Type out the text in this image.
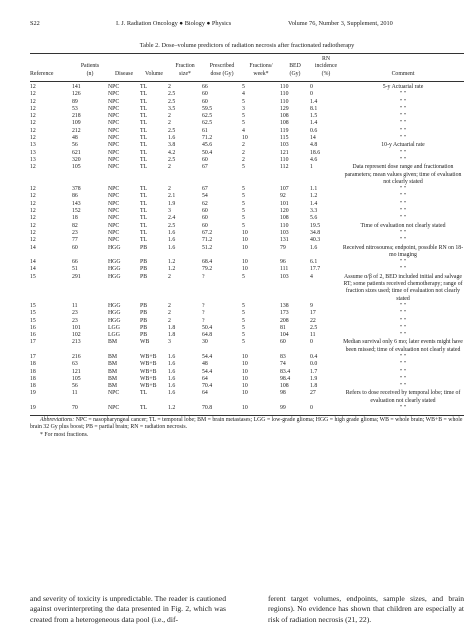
S22	I. J. Radiation Oncology ● Biology ● Physics	Volume 76, Number 3, Supplement, 2010
Table 2. Dose–volume predictors of radiation necrosis after fractionated radiotherapy
								RN	
	Patients			Fraction	Prescribed	Fractions/	BED	incidence	
Reference	(n)	Disease	Volume	size*	dose (Gy)	week*	(Gy)	(%)	Comment
12	141	NPC	TL	2	66	5	110	0	5-y Actuarial rate
12	126	NPC	TL	2.5	60	4	110	0	″ ″
12	89	NPC	TL	2.5	60	5	110	1.4	″ ″
12	53	NPC	TL	3.5	59.5	3	129	8.1	″ ″
12	218	NPC	TL	2	62.5	5	108	1.5	″ ″
12	109	NPC	TL	2	62.5	5	108	1.4	″ ″
12	212	NPC	TL	2.5	61	4	119	0.6	″ ″
12	48	NPC	TL	1.6	71.2	10	115	14	″ ″
13	56	NPC	TL	3.8	45.6	2	103	4.8	10-y Actuarial rate
13	621	NPC	TL	4.2	50.4	2	121	18.6	″ ″
13	320	NPC	TL	2.5	60	2	110	4.6	″ ″
12	105	NPC	TL	2	67	5	112	1	Data represent dose range and fractionation parameters; mean values given; time of evaluation not clearly stated
12	378	NPC	TL	2	67	5	107	1.1	″ ″
12	86	NPC	TL	2.1	54	5	92	1.2	″ ″
12	143	NPC	TL	1.9	62	5	101	1.4	″ ″
12	152	NPC	TL	3	60	5	120	3.3	″ ″
12	18	NPC	TL	2.4	60	5	108	5.6	″ ″
12	82	NPC	TL	2.5	60	5	110	19.5	Time of evaluation not clearly stated
12	23	NPC	TL	1.6	67.2	10	103	34.8	″ ″
12	77	NPC	TL	1.6	71.2	10	131	40.3	″ ″
14	60	HGG	PB	1.6	51.2	10	79	1.6	Received nitrosourea; endpoint, possible RN on 18-mo imaging
14	66	HGG	PB	1.2	68.4	10	96	6.1	″ ″
14	51	HGG	PB	1.2	79.2	10	111	17.7	″ ″
15	291	HGG	PB	2	?	5	103	4	Assume α/β of 2, BED included initial and salvage RT; some patients received chemotherapy; range of fraction sizes used; time of evaluation not clearly stated
15	11	HGG	PB	2	?	5	138	9	″ ″
15	23	HGG	PB	2	?	5	173	17	″ ″
15	23	HGG	PB	2	?	5	208	22	″ ″
16	101	LGG	PB	1.8	50.4	5	81	2.5	″ ″
16	102	LGG	PB	1.8	64.8	5	104	11	″ ″
17	213	BM	WB	3	30	5	60	0	Median survival only 6 mo; later events might have been missed; time of evaluation not clearly stated
17	216	BM	WB+B	1.6	54.4	10	83	0.4	″ ″
18	63	BM	WB+B	1.6	48	10	74	0.0	″ ″
18	121	BM	WB+B	1.6	54.4	10	83.4	1.7	″ ″
18	105	BM	WB+B	1.6	64	10	98.4	1.9	″ ″
18	56	BM	WB+B	1.6	70.4	10	108	1.8	″ ″
19	11	NPC	TL	1.6	64	10	98	27	Refers to dose received by temporal lobe; time of evaluation not clearly stated
19	70	NPC	TL	1.2	70.8	10	99	0	″ ″
Abbreviations: NPC = nasopharyngeal cancer; TL = temporal lobe; BM = brain metastases; LGG = low-grade glioma; HGG = high grade glioma; WB = whole brain; WB+B = whole brain 32 Gy plus boost; PB = partial brain; RN = radiation necrosis.
* For most fractions.
and severity of toxicity is unpredictable. The reader is cautioned against overinterpreting the data presented in Fig. 2, which was created from a heterogeneous data pool (i.e., dif-
ferent target volumes, endpoints, sample sizes, and brain regions). No evidence has shown that children are especially at risk of radiation necrosis (21, 22).
